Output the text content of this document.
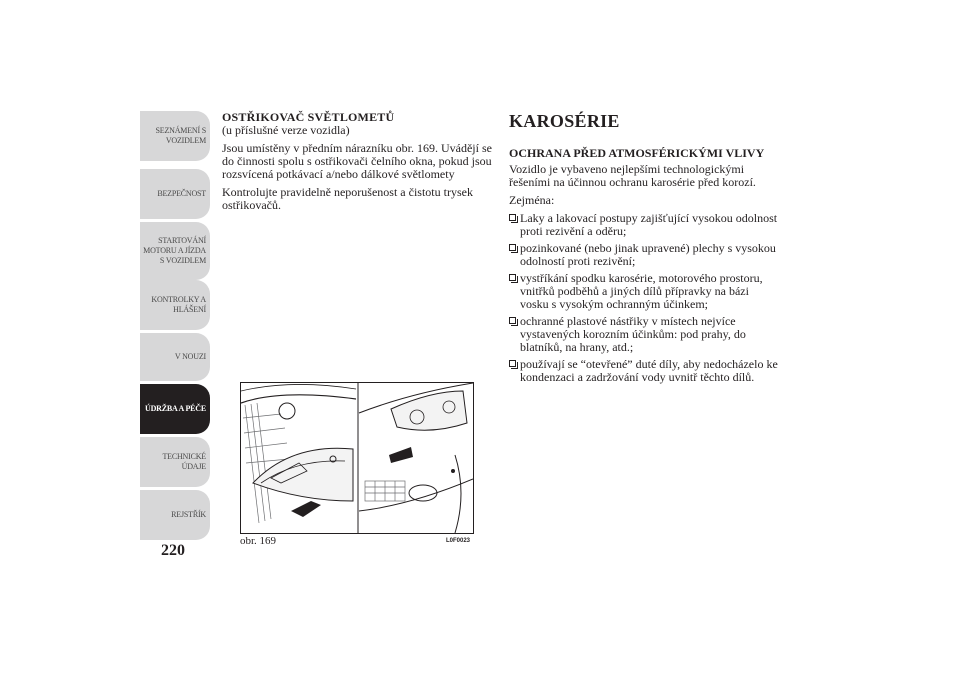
SEZNÁMENÍ S
VOZIDLEM
BEZPEČNOST
STARTOVÁNÍ
MOTORU A JÍZDA
S VOZIDLEM
KONTROLKY A
HLÁŠENÍ
V NOUZI
ÚDRŽBA A PÉČE
TECHNICKÉ
ÚDAJE
REJSTŘÍK
220
OSTŘIKOVAČ SVĚTLOMETŮ
(u příslušné verze vozidla)

Jsou umístěny v předním nárazníku obr. 169. Uvádějí se do činnosti spolu s ostřikovači čelního okna, pokud jsou rozsvícená potkávací a/nebo dálkové světlomety

Kontrolujte pravidelně neporušenost a čistotu trysek ostřikovačů.

obr. 169	L0F0023
KAROSÉRIE
OCHRANA PŘED ATMOSFÉRICKÝMI VLIVY

Vozidlo je vybaveno nejlepšími technologickými řešeními na účinnou ochranu karosérie před korozí.

Zejména:

Laky a lakovací postupy zajišťující vysokou odolnost proti rezivění a oděru;
pozinkované (nebo jinak upravené) plechy s vysokou odolností proti rezivění;
vystříkání spodku karosérie, motorového prostoru, vnitřků podběhů a jiných dílů přípravky na bázi vosku s vysokým ochranným účinkem;
ochranné plastové nástřiky v místech nejvíce vystavených korozním účinkům: pod prahy, do blatníků, na hrany, atd.;
používají se “otevřené” duté díly, aby nedocházelo ke kondenzaci a zadržování vody uvnitř těchto dílů.
